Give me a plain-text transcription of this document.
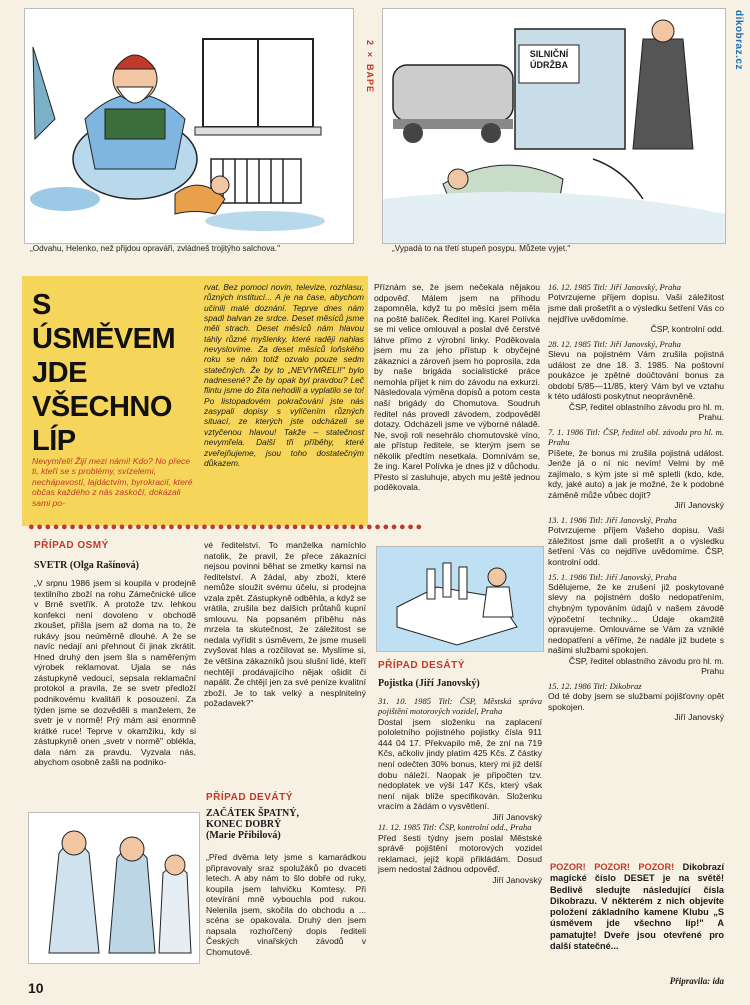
dikobraz.cz
„Odvahu, Helenko, než přijdou opraváři, zvládneš trojitýho salchova."
2 × BAPE	SILNIČNÍ ÚDRŽBA
„Vypadá to na třetí stupeň posypu. Můžete vyjet."
S ÚSMĚVEM
JDE
VŠECHNO
LÍP
Nevymřeli! Žijí mezi námi! Kdo? No přece ti, kteří se s problémy, svízelemi, nechápavostí, lajdáctvím, byrokracií, které občas každého z nás zaskočí, dokázali sami po-
rvat. Bez pomoci novin, televize, rozhlasu, různých institucí... A je na čase, abychom učinili malé doznání. Teprve dnes nám spadl balvan ze srdce. Deset měsíců jsme měli strach. Deset měsíců nám hlavou táhly různé myšlenky, které raději nahlas nevyslovíme. Za deset měsíců loňského roku se nám totiž ozvalo pouze sedm statečných. Že by to „NEVYMŘELI!" bylo nadnesené? Že by opak byl pravdou? Leč flintu jsme do žita nehodili a vyplatilo se to! Po listopadovém pokračování jste nás zasypali dopisy s vylíčením různých situací, ze kterých jste odcházeli se vztyčenou hlavou! Takže – statečnost nevymřela. Další tři příběhy, které zveřejňujeme, jsou toho dostatečným důkazem.
●●●●●●●●●●●●●●●●●●●●●●●●●●●●●●●●●●●●●●●●●●●●●●●●
Příznám se, že jsem nečekala nějakou odpověď. Málem jsem na příhodu zapomněla, když tu po měsíci jsem měla na poště balíček. Ředitel ing. Karel Polívka se mi velice omlouval a poslal dvě čerstvé láhve přímo z výrobní linky. Poděkovala jsem mu za jeho přístup k obyčejné zákaznici a zároveň jsem ho poprosila, zda by naše brigáda socialistické práce nemohla přijet k nim do závodu na exkurzi. Následovala výměna dopisů a potom cesta naší brigády do Chomutova. Soudruh ředitel nás provedl závodem, zodpověděl dotazy. Odcházeli jsme ve výborné náladě. Ne, svoji roli nesehrálo chomutovské víno, ale přístup ředitele, se kterým jsem se několik předtím nesetkala. Domnívám se, že ing. Karel Polívka je dnes již v důchodu. Přesto si zasluhuje, abych mu ještě jednou poděkovala.
PŘÍPAD OSMÝ
SVETR (Olga Rašínová)
„V srpnu 1986 jsem si koupila v prodejně textilního zboží na rohu Zámečnické ulice v Brně svetřík. A protože tzv. lehkou konfekci není dovoleno v obchodě zkoušet, přišla jsem až doma na to, že rukávy jsou neúměrně dlouhé. A že se navíc nedají ani přehnout či jinak zkrátit. Hned druhý den jsem šla s naměřeným výrobek reklamovat. Ujala se nás zástupkyně vedoucí, sepsala reklamační protokol a pravila, že se svetr předloží podnikovému kvalitáři k posouzení. Za týden jsme se dozvěděli s manželem, že svetr je v normě! Prý mám asi enormně krátké ruce! Teprve v okamžiku, kdy si zástupkyně onen „svetr v normě" oblékla, dala nám za pravdu. Vyzvala nás, abychom osobně zašli na podniko-
vé ředitelství. To manželka namíchlo natolik, že pravil, že přece zákazníci nejsou povinni běhat se zmetky kamsi na ředitelství. A žádal, aby zboží, které nemůže sloužit svému účelu, si prodejna vzala zpět. Zástupkyně odběhla, a když se vrátila, zrušila bez dalších průtahů kupní smlouvu. Na popsaném příběhu nás mrzela ta skutečnost, že záležitost se nedala vyřídit s úsměvem, že jsme museli zvyšovat hlas a rozčilovat se. Myslíme si, že většina zákazníků jsou slušní lidé, kteří nechtějí prodávajícího nějak ošidit či napálit. Že chtějí jen za své peníze kvalitní zboží. Je to tak velký a nesplnitelný požadavek?"
PŘÍPAD DEVÁTÝ
ZAČÁTEK ŠPATNÝ,
KONEC DOBRÝ
(Marie Přibilová)
„Před dvěma lety jsme s kamarádkou připravovaly sraz spolužáků po dvaceti letech. A aby nám to šlo dobře od ruky, koupila jsem lahvičku Komtesy. Při otevírání mně vybouchla pod rukou. Nelenila jsem, skočila do obchodu a ... scéna se opakovala. Druhý den jsem napsala rozhořčený dopis řediteli Českých vinařských závodů v Chomutově.
PŘÍPAD DESÁTÝ
Pojistka (Jiří Janovský)
31. 10. 1985 Titl: ČSP, Městská správa pojištění motorových vozidel, Praha
Dostal jsem složenku na zaplacení pololetního pojistného pojistky čísla 911 444 04 17. Překvapilo mě, že zní na 719 Kčs, ačkoliv jindy platím 425 Kčs. Z částky není odečten 30% bonus, který mi již delší dobu náleží. Naopak je připočten tzv. nedoplatek ve výši 147 Kčs, který však není nijak blíže specifikován. Složenku vracím a žádám o vysvětlení.
Jiří Janovský
11. 12. 1985 Titl: ČSP, kontrolní odd., Praha
Před šesti týdny jsem poslal Městské správě pojištění motorových vozidel reklamaci, jejíž kopii přikládám. Dosud jsem nedostal žádnou odpověď.
Jiří Janovský
16. 12. 1985 Titl: Jiří Janovský, Praha
Potvrzujeme příjem dopisu. Vaši záležitost jsme dali prošetřit a o výsledku šetření Vás co nejdříve uvědomíme.
ČSP, kontrolní odd.
28. 12. 1985 Titl: Jiří Janovský, Praha
Slevu na pojistném Vám zrušila pojistná událost ze dne 18. 3. 1985. Na poštovní poukázce je zpětné doúčtování bonus za období 5/85—11/85, který Vám byl ve vztahu k této události poskytnut neoprávněně.
ČSP, ředitel oblastního závodu pro hl. m. Prahu.
7. 1. 1986 Titl: ČSP, ředitel obl. závodu pro hl. m. Prahu
Píšete, že bonus mi zrušila pojistná událost. Jenže já o ní nic nevím! Velmi by mě zajímalo, s kým jste si mě spletli (kdo, kde, kdy, jaké auto) a jak je možné, že k podobné záměně může vůbec dojít?
Jiří Janovský
13. 1. 1986 Titl: Jiří Janovský, Praha
Potvrzujeme příjem Vašeho dopisu. Vaši záležitost jsme dali prošetřit a o výsledku šetření Vás co nejdříve uvědomíme. ČSP, kontrolní odd.
15. 1. 1986 Titl: Jiří Janovský, Praha
Sdělujeme, že ke zrušení již poskytované slevy na pojistném došlo nedopatřením, chybným typováním údajů v našem závodě výpočetní techniky... Údaje okamžitě opravujeme. Omlouváme se Vám za vzniklé nedopatření a věříme, že nadále již budete s našimi službami spokojen.
ČSP, ředitel oblastního závodu pro hl. m. Prahu
15. 12. 1986 Titl: Dikobraz
Od té doby jsem se službami pojišťovny opět spokojen.
Jiří Janovský
POZOR! POZOR! POZOR! Dikobrazí magické číslo DESET je na světě! Bedlivě sledujte následující čísla Dikobrazu. V některém z nich objevíte položení základního kamene Klubu „S úsměvem jde všechno líp!" A pamatujte! Dveře jsou otevřené pro další statečné...
Připravila: ida
10
